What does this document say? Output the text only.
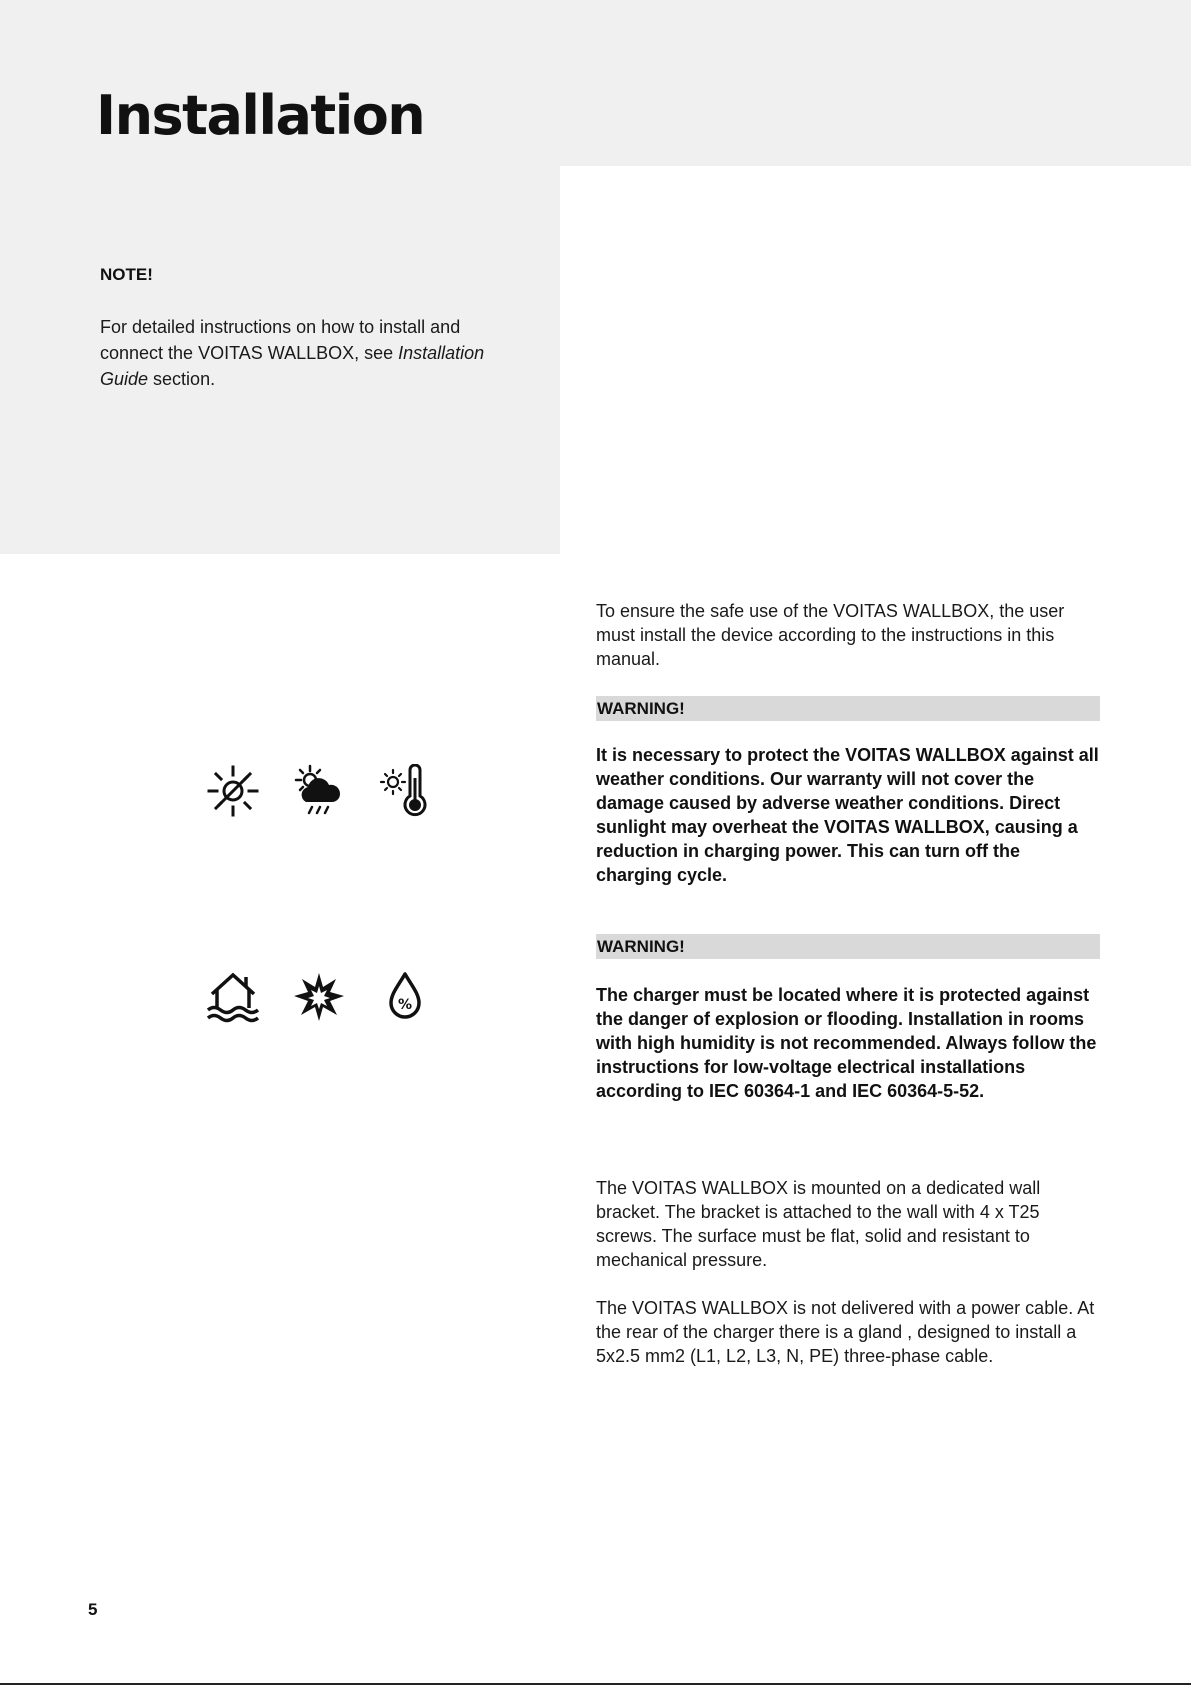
Installation
NOTE!
For detailed instructions on how to install and connect the VOITAS WALLBOX, see Installation Guide section.
To ensure the safe use of the VOITAS WALLBOX, the user must install the device according to the instructions in this manual.
WARNING!
It is necessary to protect the VOITAS WALLBOX against all weather conditions. Our warranty will not cover the damage caused by adverse weather conditions. Direct sunlight may overheat the VOITAS WALLBOX, causing a reduction in charging power. This can turn off the charging cycle.
WARNING!
The charger must be located where it is protected against the danger of explosion or flooding. Installation in rooms with high humidity is not recommended. Always follow the instructions for low-voltage electrical installations according to IEC 60364-1 and IEC 60364-5-52.
The VOITAS WALLBOX is mounted on a dedicated wall bracket. The bracket is attached to the wall with 4 x T25 screws. The surface must be flat, solid and resistant to mechanical pressure.
The VOITAS WALLBOX is not delivered with a power cable. At the rear of the charger there is a gland , designed to install a 5x2.5 mm2 (L1, L2, L3, N, PE) three-phase cable.
%
5
